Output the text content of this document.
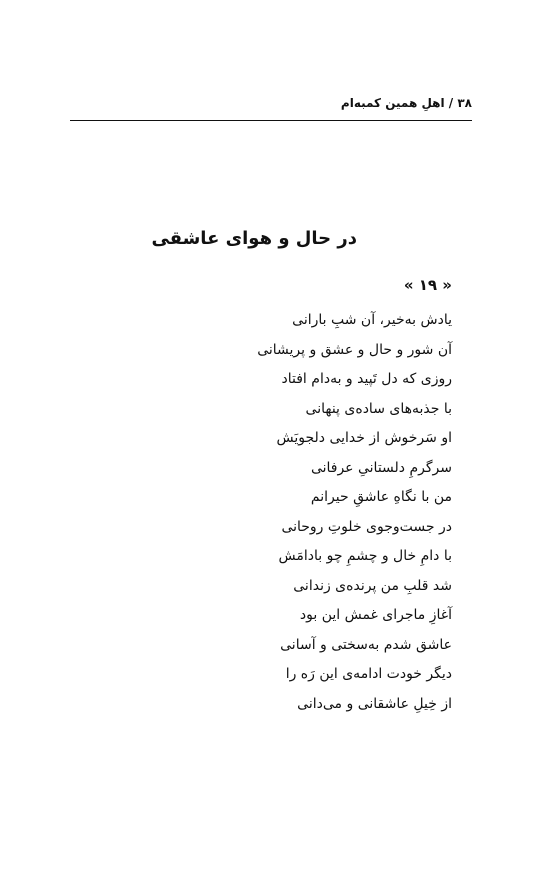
۳۸ / اهلِ همین کمبه‌ام
در حال و هوای عاشقی
« ۱۹ »
یادش به‌خیر، آن شبِ بارانی
آن شور و حال و عشق و پریشانی
روزی که دل تَپید و به‌دام افتاد
با جذبه‌های ساده‌ی پنهانی
او سَرخوش از خدایی دلجویَش
سرگرمِ دلستانیِ عرفانی
من با نگاهِ عاشقِ حیرانم
در جست‌وجوی خلوتِ روحانی
با دامِ خال و چشمِ چو بادامَش
شد قلبِ من پرنده‌ی زندانی
آغازِ ماجرای غمش این بود
عاشق شدم به‌سختی و آسانی
دیگر خودت ادامه‌ی این رَه را
از خِیلِ عاشقانی و می‌دانی
